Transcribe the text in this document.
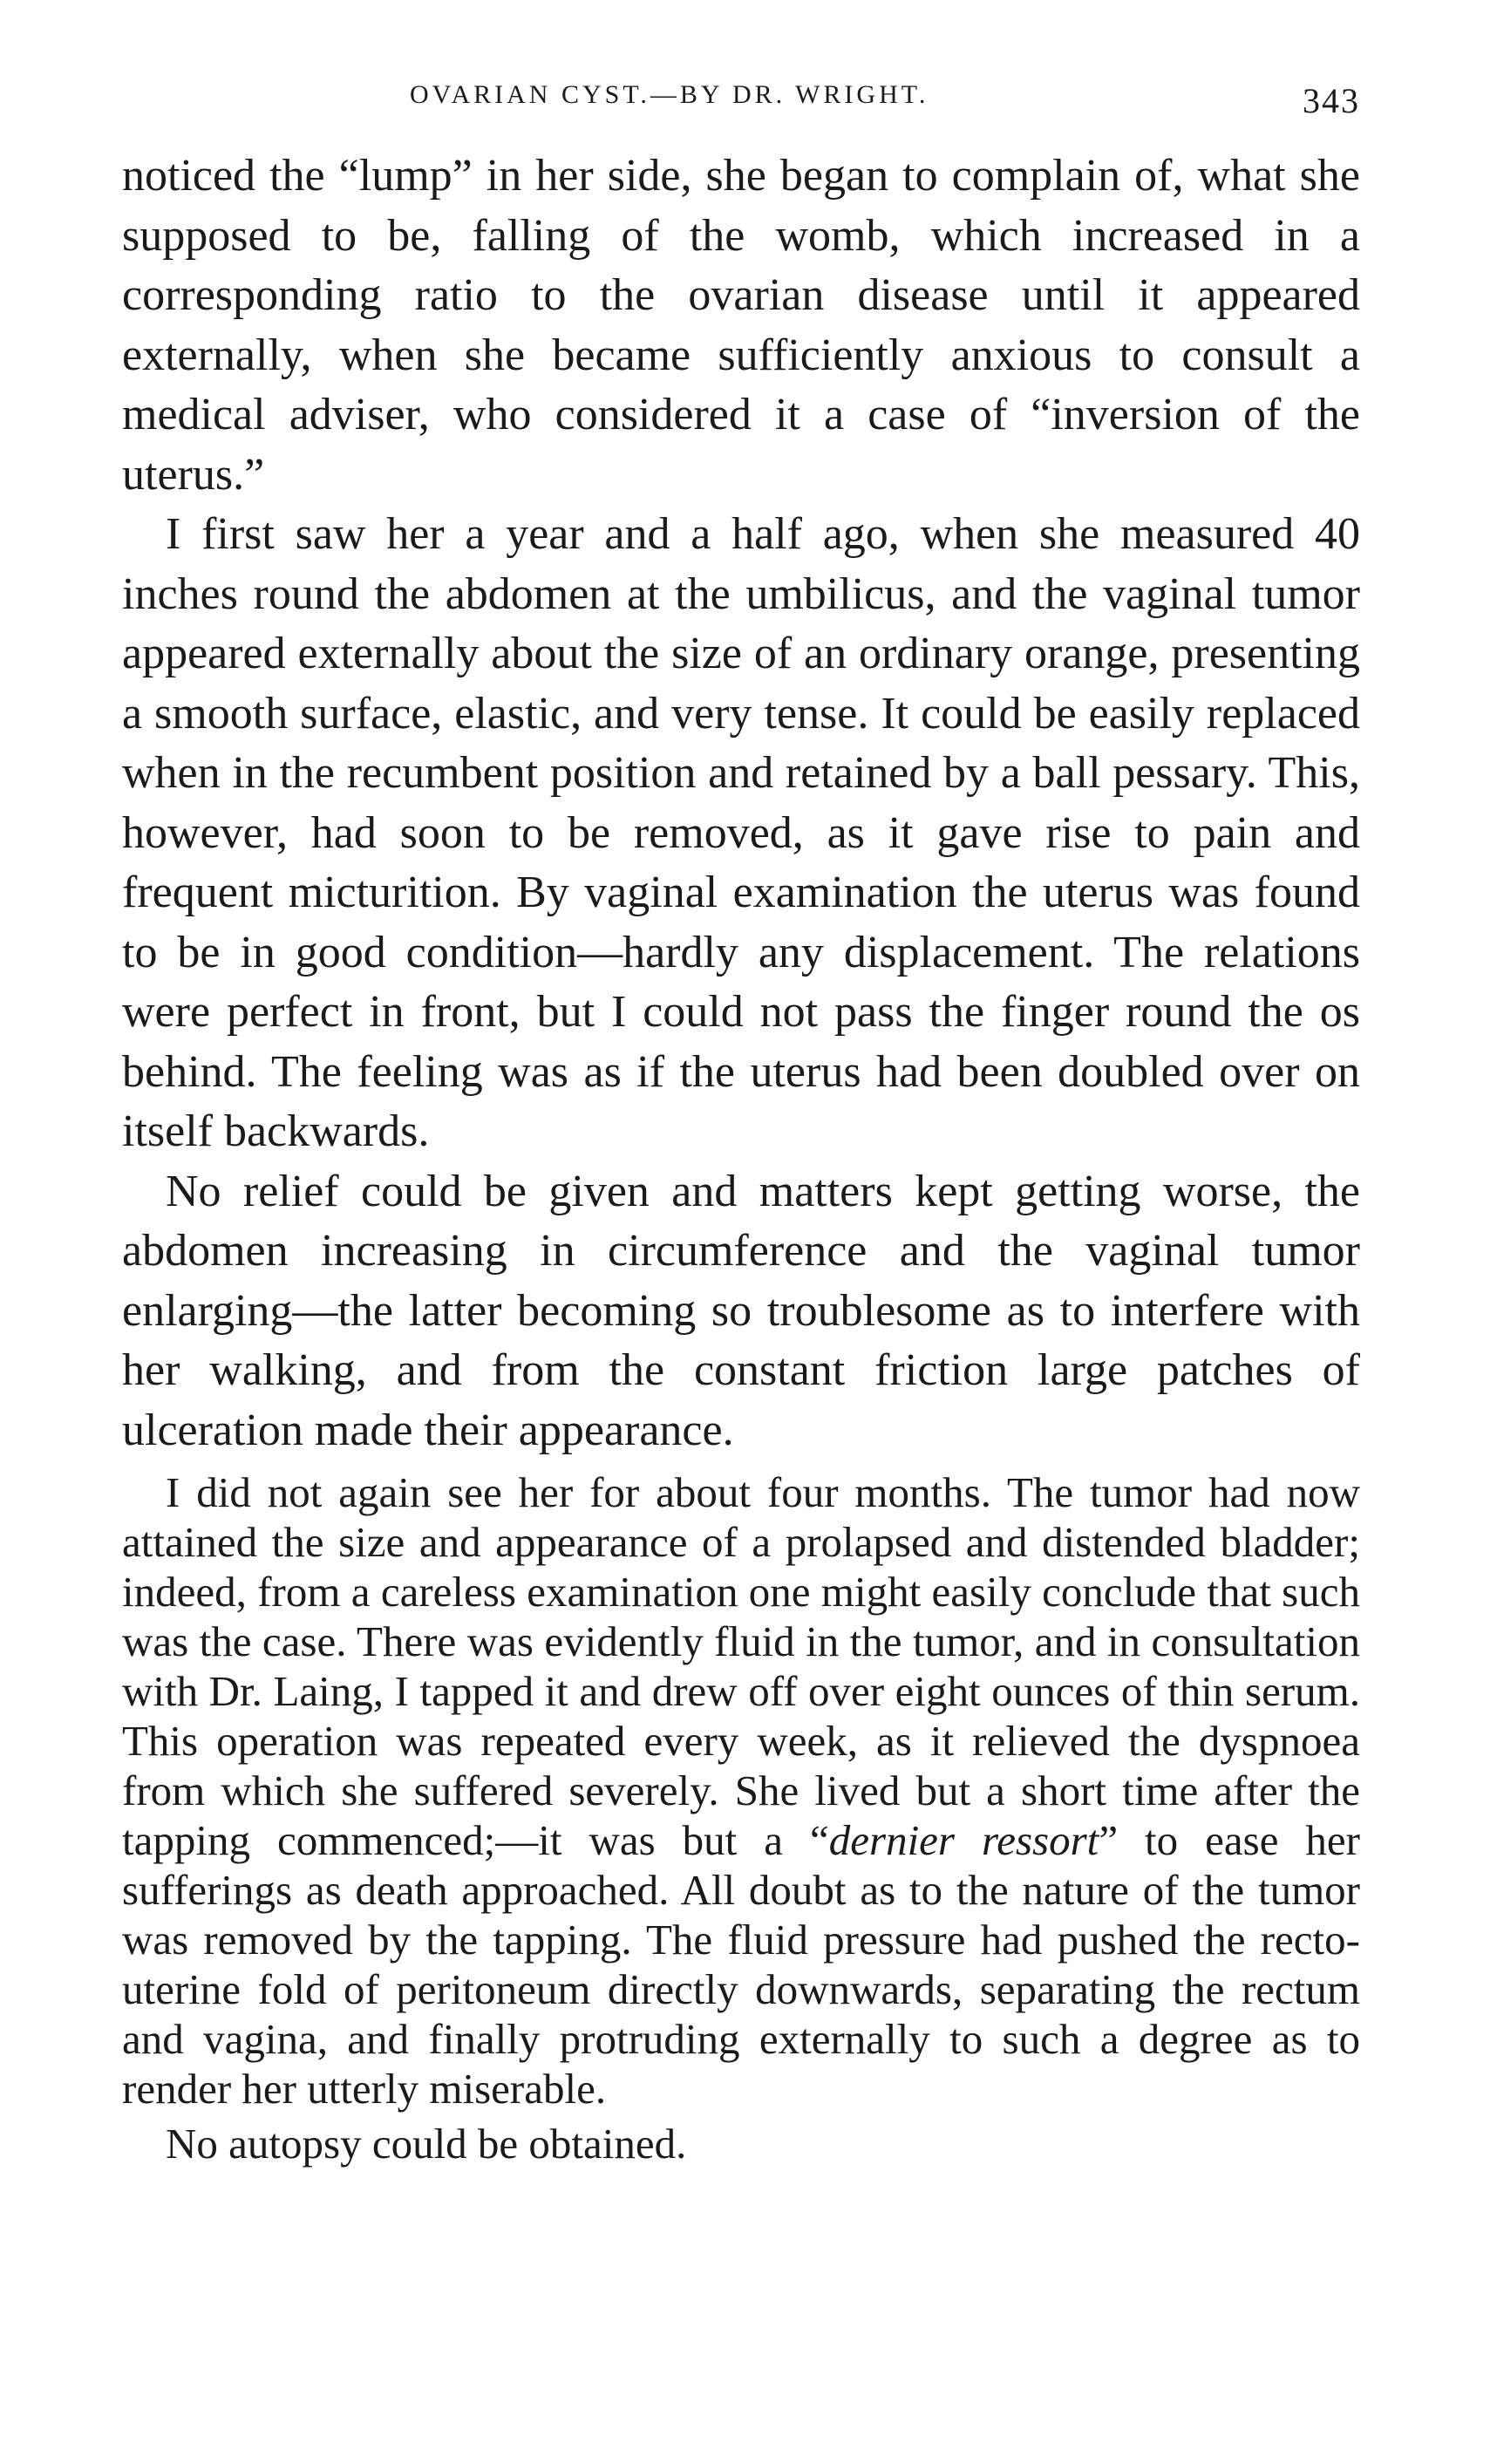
OVARIAN CYST.—BY DR. WRIGHT.	343

noticed the “lump” in her side, she began to complain of, what she supposed to be, falling of the womb, which increased in a corresponding ratio to the ovarian disease until it appeared externally, when she became sufficiently anxious to consult a medical adviser, who considered it a case of “inversion of the uterus.”

I first saw her a year and a half ago, when she measured 40 inches round the abdomen at the umbilicus, and the vaginal tumor appeared externally about the size of an ordinary orange, presenting a smooth surface, elastic, and very tense. It could be easily replaced when in the recumbent position and retained by a ball pessary. This, however, had soon to be removed, as it gave rise to pain and frequent micturition. By vaginal examination the uterus was found to be in good condition—hardly any displacement. The relations were perfect in front, but I could not pass the finger round the os behind. The feeling was as if the uterus had been doubled over on itself backwards.

No relief could be given and matters kept getting worse, the abdomen increasing in circumference and the vaginal tumor enlarging—the latter becoming so troublesome as to interfere with her walking, and from the constant friction large patches of ulceration made their appearance.

I did not again see her for about four months. The tumor had now attained the size and appearance of a prolapsed and distended bladder; indeed, from a careless examination one might easily conclude that such was the case. There was evidently fluid in the tumor, and in consultation with Dr. Laing, I tapped it and drew off over eight ounces of thin serum. This operation was repeated every week, as it relieved the dyspnoea from which she suffered severely. She lived but a short time after the tapping commenced;—it was but a “dernier ressort” to ease her sufferings as death approached. All doubt as to the nature of the tumor was removed by the tapping. The fluid pressure had pushed the recto-uterine fold of peritoneum directly downwards, separating the rectum and vagina, and finally protruding externally to such a degree as to render her utterly miserable.

No autopsy could be obtained.
